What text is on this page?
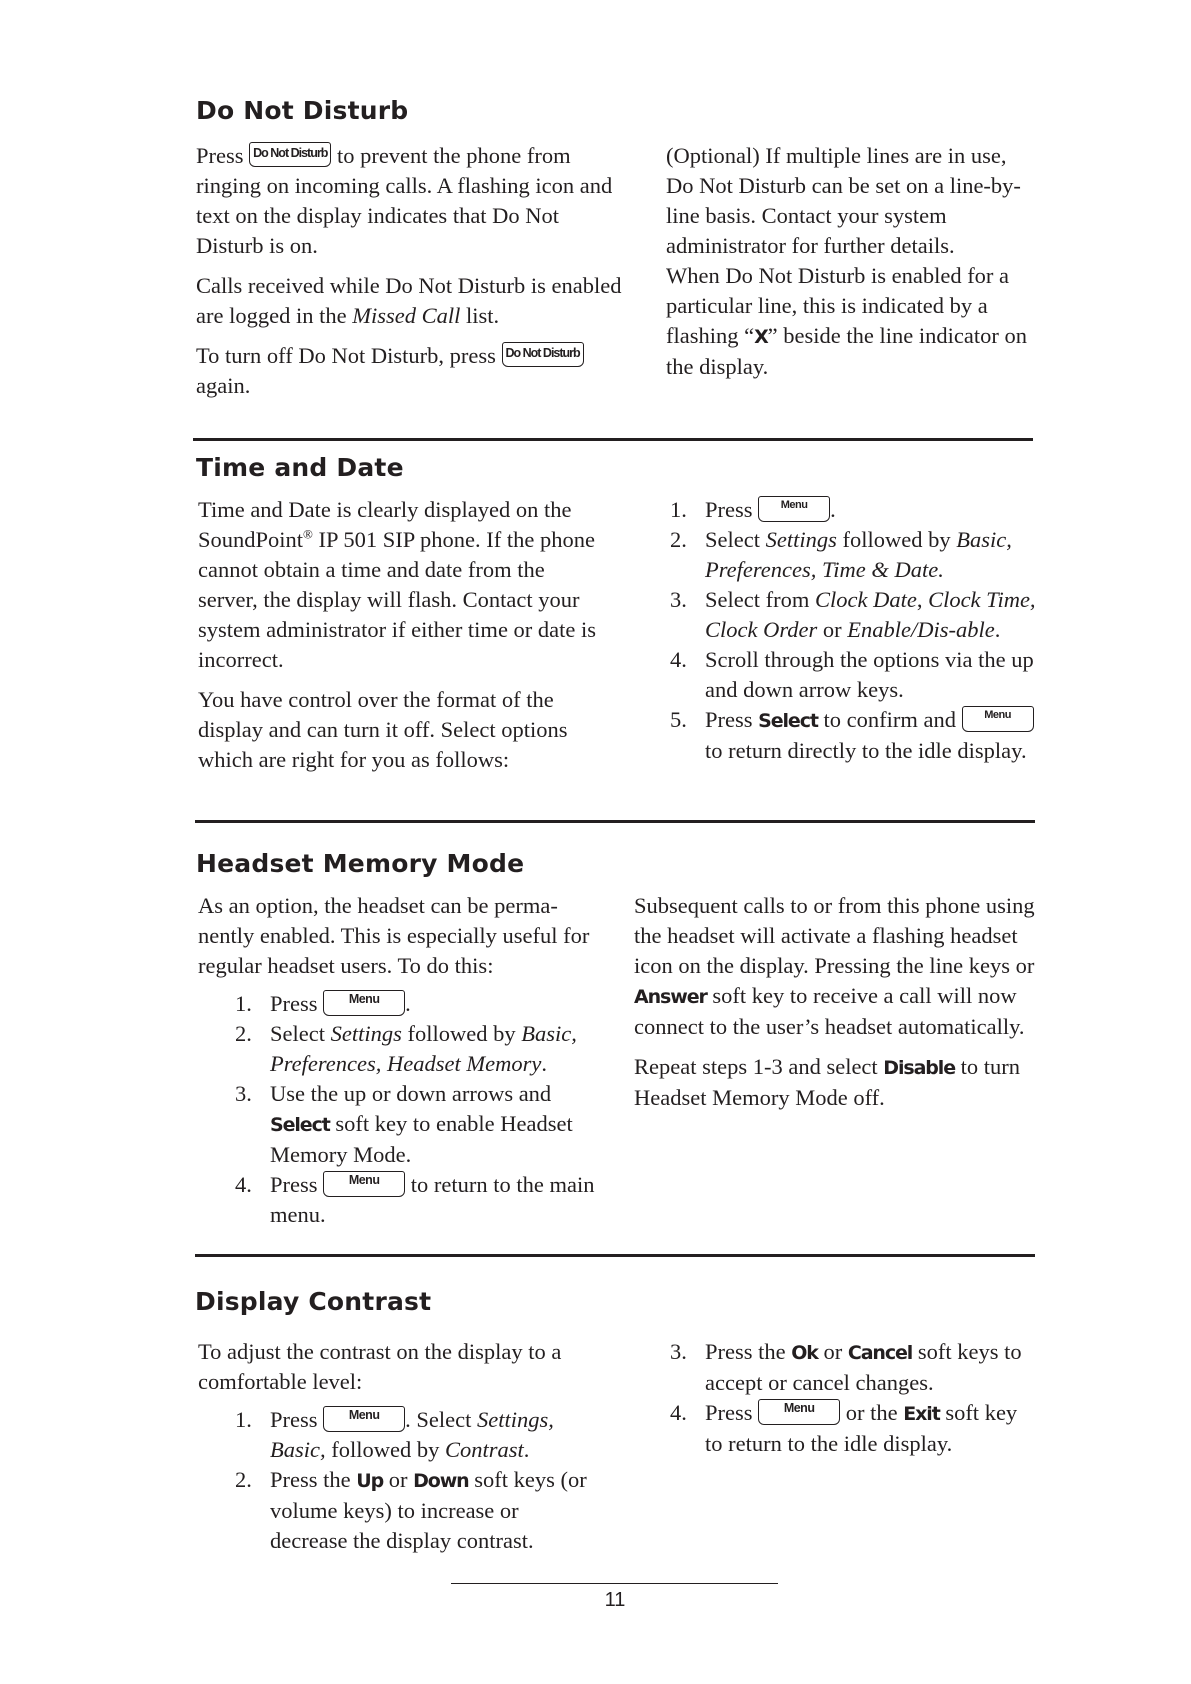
Do Not Disturb

Press Do Not Disturb to prevent the phone from ringing on incoming calls. A flashing icon and text on the display indicates that Do Not Disturb is on.

Calls received while Do Not Disturb is enabled are logged in the Missed Call list.

To turn off Do Not Disturb, press Do Not Disturb again.

(Optional) If multiple lines are in use, Do Not Disturb can be set on a line-by-line basis. Contact your system administrator for further details.

When Do Not Disturb is enabled for a particular line, this is indicated by a flashing “X” beside the line indicator on the display.

Time and Date

Time and Date is clearly displayed on the SoundPoint® IP 501 SIP phone. If the phone cannot obtain a time and date from the server, the display will flash. Contact your system administrator if either time or date is incorrect.

You have control over the format of the display and can turn it off. Select options which are right for you as follows:

1. Press	Menu .
2. Select Settings followed by Basic, Preferences, Time & Date.
3. Select from Clock Date, Clock Time, Clock Order or Enable/Dis-able.
4. Scroll through the options via the up and down arrow keys.
5. Press Select to confirm and	Menu to return directly to the idle display.
Headset Memory Mode

As an option, the headset can be perma-nently enabled. This is especially useful for regular headset users. To do this:

1. Press	Menu .
2. Select Settings followed by Basic, Preferences, Headset Memory.
3. Use the up or down arrows and Select soft key to enable Headset Memory Mode.
4. Press	Menu to return to the main menu.

Subsequent calls to or from this phone using the headset will activate a flashing headset icon on the display. Pressing the line keys or Answer soft key to receive a call will now connect to the user’s headset automatically.

Repeat steps 1-3 and select Disable to turn Headset Memory Mode off.

Display Contrast

To adjust the contrast on the display to a comfortable level:

1. Press	Menu . Select Settings, Basic, followed by Contrast.
2. Press the Up or Down soft keys (or volume keys) to increase or decrease the display contrast.
3. Press the Ok or Cancel soft keys to accept or cancel changes.
4. Press	Menu or the Exit soft key to return to the idle display.
11
